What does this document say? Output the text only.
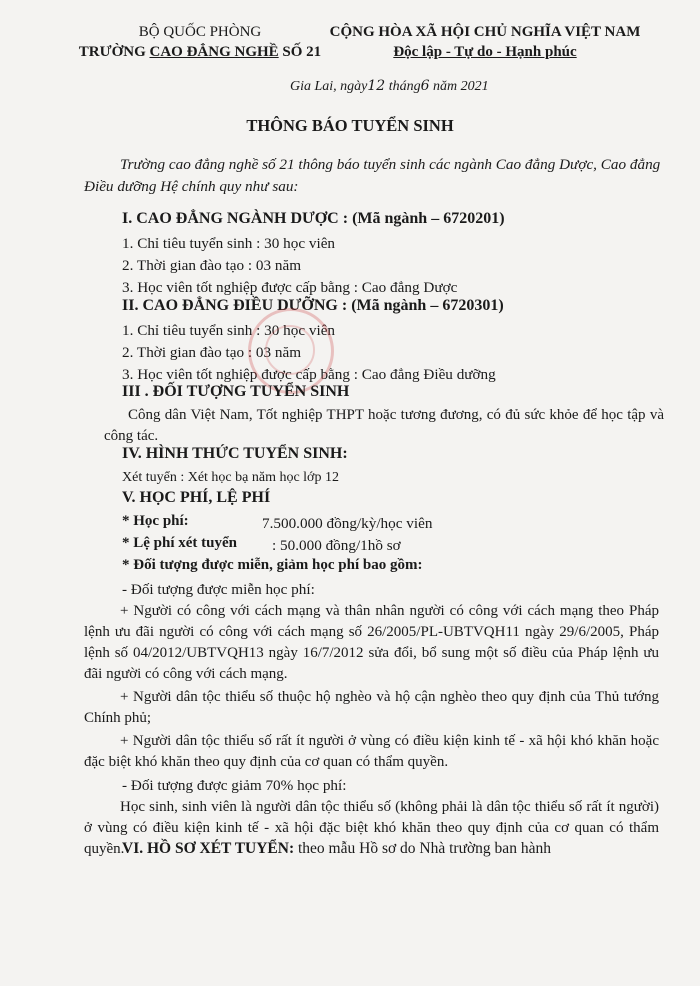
BỘ QUỐC PHÒNG
TRƯỜNG CAO ĐẲNG NGHỀ SỐ 21
CỘNG HÒA XÃ HỘI CHỦ NGHĨA VIỆT NAM
Độc lập - Tự do - Hạnh phúc
Gia Lai, ngày12 tháng6 năm 2021
THÔNG BÁO TUYỂN SINH
Trường cao đẳng nghề số 21 thông báo tuyển sinh các ngành Cao đẳng Dược, Cao đẳng Điều dưỡng Hệ chính quy như sau:
I. CAO ĐẲNG NGÀNH DƯỢC : (Mã ngành – 6720201)
1. Chỉ tiêu tuyển sinh : 30 học viên
2. Thời gian đào tạo : 03 năm
3. Học viên tốt nghiệp được cấp bằng : Cao đẳng Dược
II. CAO ĐẲNG ĐIỀU DƯỠNG : (Mã ngành – 6720301)
1. Chỉ tiêu tuyển sinh : 30 học viên
2. Thời gian đào tạo : 03 năm
3. Học viên tốt nghiệp được cấp bằng : Cao đẳng Điều dưỡng
III . ĐỐI TƯỢNG TUYỂN SINH
Công dân Việt Nam, Tốt nghiệp THPT hoặc tương đương, có đủ sức khỏe để học tập và công tác.
IV. HÌNH THỨC TUYỂN SINH:
Xét tuyển : Xét học bạ năm học lớp 12
V. HỌC PHÍ, LỆ PHÍ
* Học phí:	7.500.000 đồng/kỳ/học viên
* Lệ phí xét tuyển : 50.000 đồng/1hồ sơ
* Đối tượng được miễn, giảm học phí bao gồm:
- Đối tượng được miễn học phí:
+ Người có công với cách mạng và thân nhân người có công với cách mạng theo Pháp lệnh ưu đãi người có công với cách mạng số 26/2005/PL-UBTVQH11 ngày 29/6/2005, Pháp lệnh số 04/2012/UBTVQH13 ngày 16/7/2012 sửa đổi, bổ sung một số điều của Pháp lệnh ưu đãi người có công với cách mạng.
+ Người dân tộc thiểu số thuộc hộ nghèo và hộ cận nghèo theo quy định của Thủ tướng Chính phủ;
+ Người dân tộc thiểu số rất ít người ở vùng có điều kiện kinh tế - xã hội khó khăn hoặc đặc biệt khó khăn theo quy định của cơ quan có thẩm quyền.
- Đối tượng được giảm 70% học phí:
Học sinh, sinh viên là người dân tộc thiểu số (không phải là dân tộc thiểu số rất ít người) ở vùng có điều kiện kinh tế - xã hội đặc biệt khó khăn theo quy định của cơ quan có thẩm quyền.
VI. HỒ SƠ XÉT TUYỂN: theo mẫu Hồ sơ do Nhà trường ban hành
